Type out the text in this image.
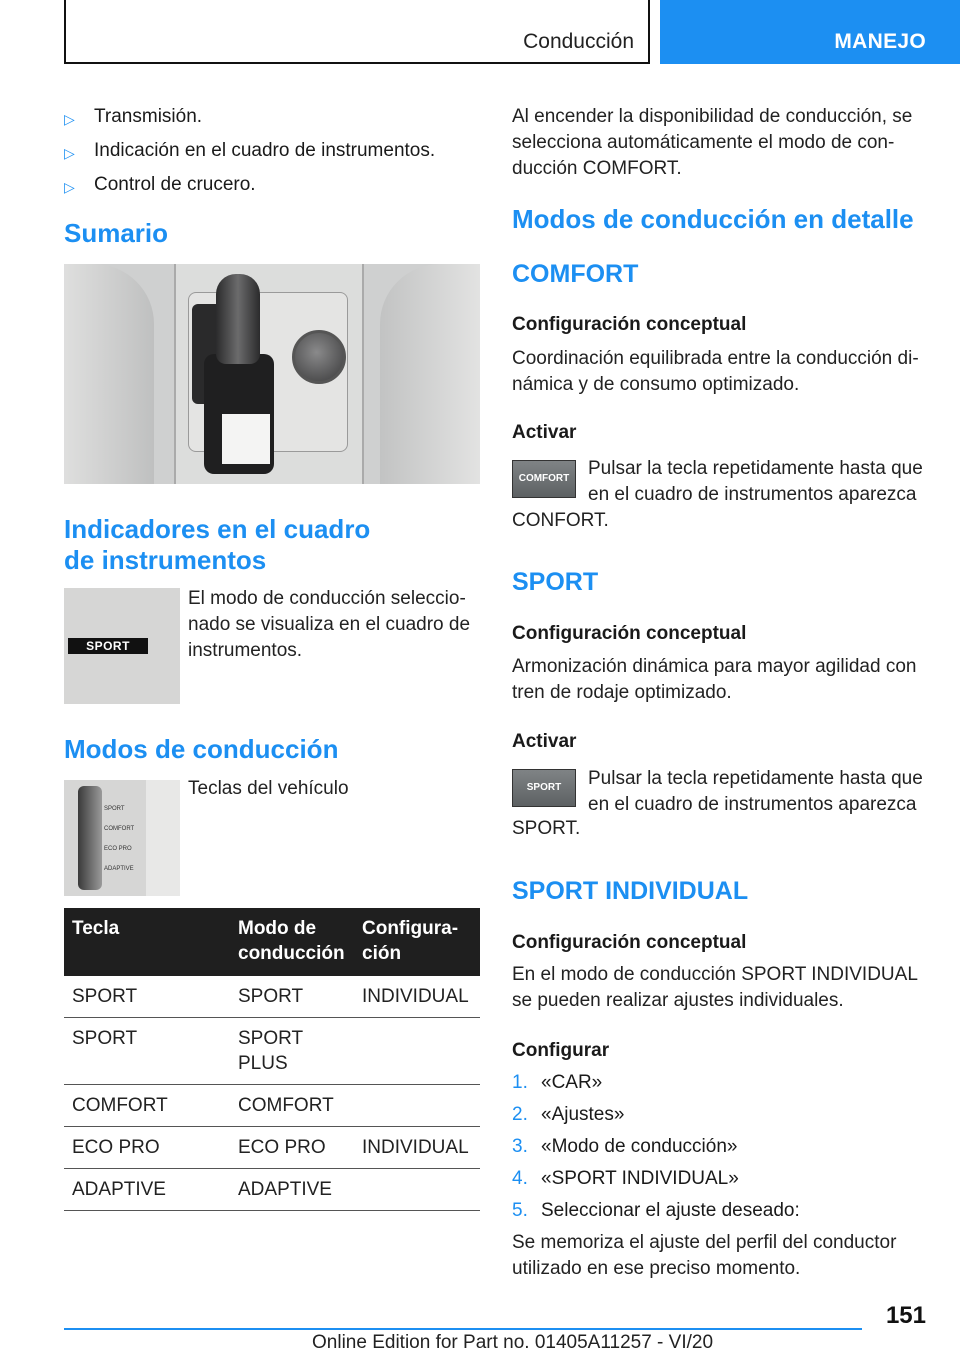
Conducción	MANEJO
▷	Transmisión.
▷	Indicación en el cuadro de instrumentos.
▷	Control de crucero.
Sumario
Indicadores en el cuadro
de instrumentos
SPORT
El modo de conducción seleccionado se visualiza en el cuadro de instrumentos.
Modos de conducción
SPORT
COMFORT
ECO PRO
ADAPTIVE
Teclas del vehículo
Tecla	Modo de conducción	Configuración
SPORT	SPORT	INDIVIDUAL
SPORT	SPORT PLUS	
COMFORT	COMFORT	
ECO PRO	ECO PRO	INDIVIDUAL
ADAPTIVE	ADAPTIVE	
Al encender la disponibilidad de conducción, se selecciona automáticamente el modo de conducción COMFORT.
Modos de conducción en detalle
COMFORT
Configuración conceptual
Coordinación equilibrada entre la conducción dinámica y de consumo optimizado.
Activar
COMFORT Pulsar la tecla repetidamente hasta que en el cuadro de instrumentos aparezca
CONFORT.
SPORT
Configuración conceptual
Armonización dinámica para mayor agilidad con tren de rodaje optimizado.
Activar
SPORT	Pulsar la tecla repetidamente hasta que en el cuadro de instrumentos aparezca
SPORT.
SPORT INDIVIDUAL
Configuración conceptual
En el modo de conducción SPORT INDIVIDUAL se pueden realizar ajustes individuales.
Configurar
1. «CAR»
2. «Ajustes»
3. «Modo de conducción»
4. «SPORT INDIVIDUAL»
5. Seleccionar el ajuste deseado:
Se memoriza el ajuste del perfil del conductor utilizado en ese preciso momento.
151
Online Edition for Part no. 01405A11257 - VI/20
